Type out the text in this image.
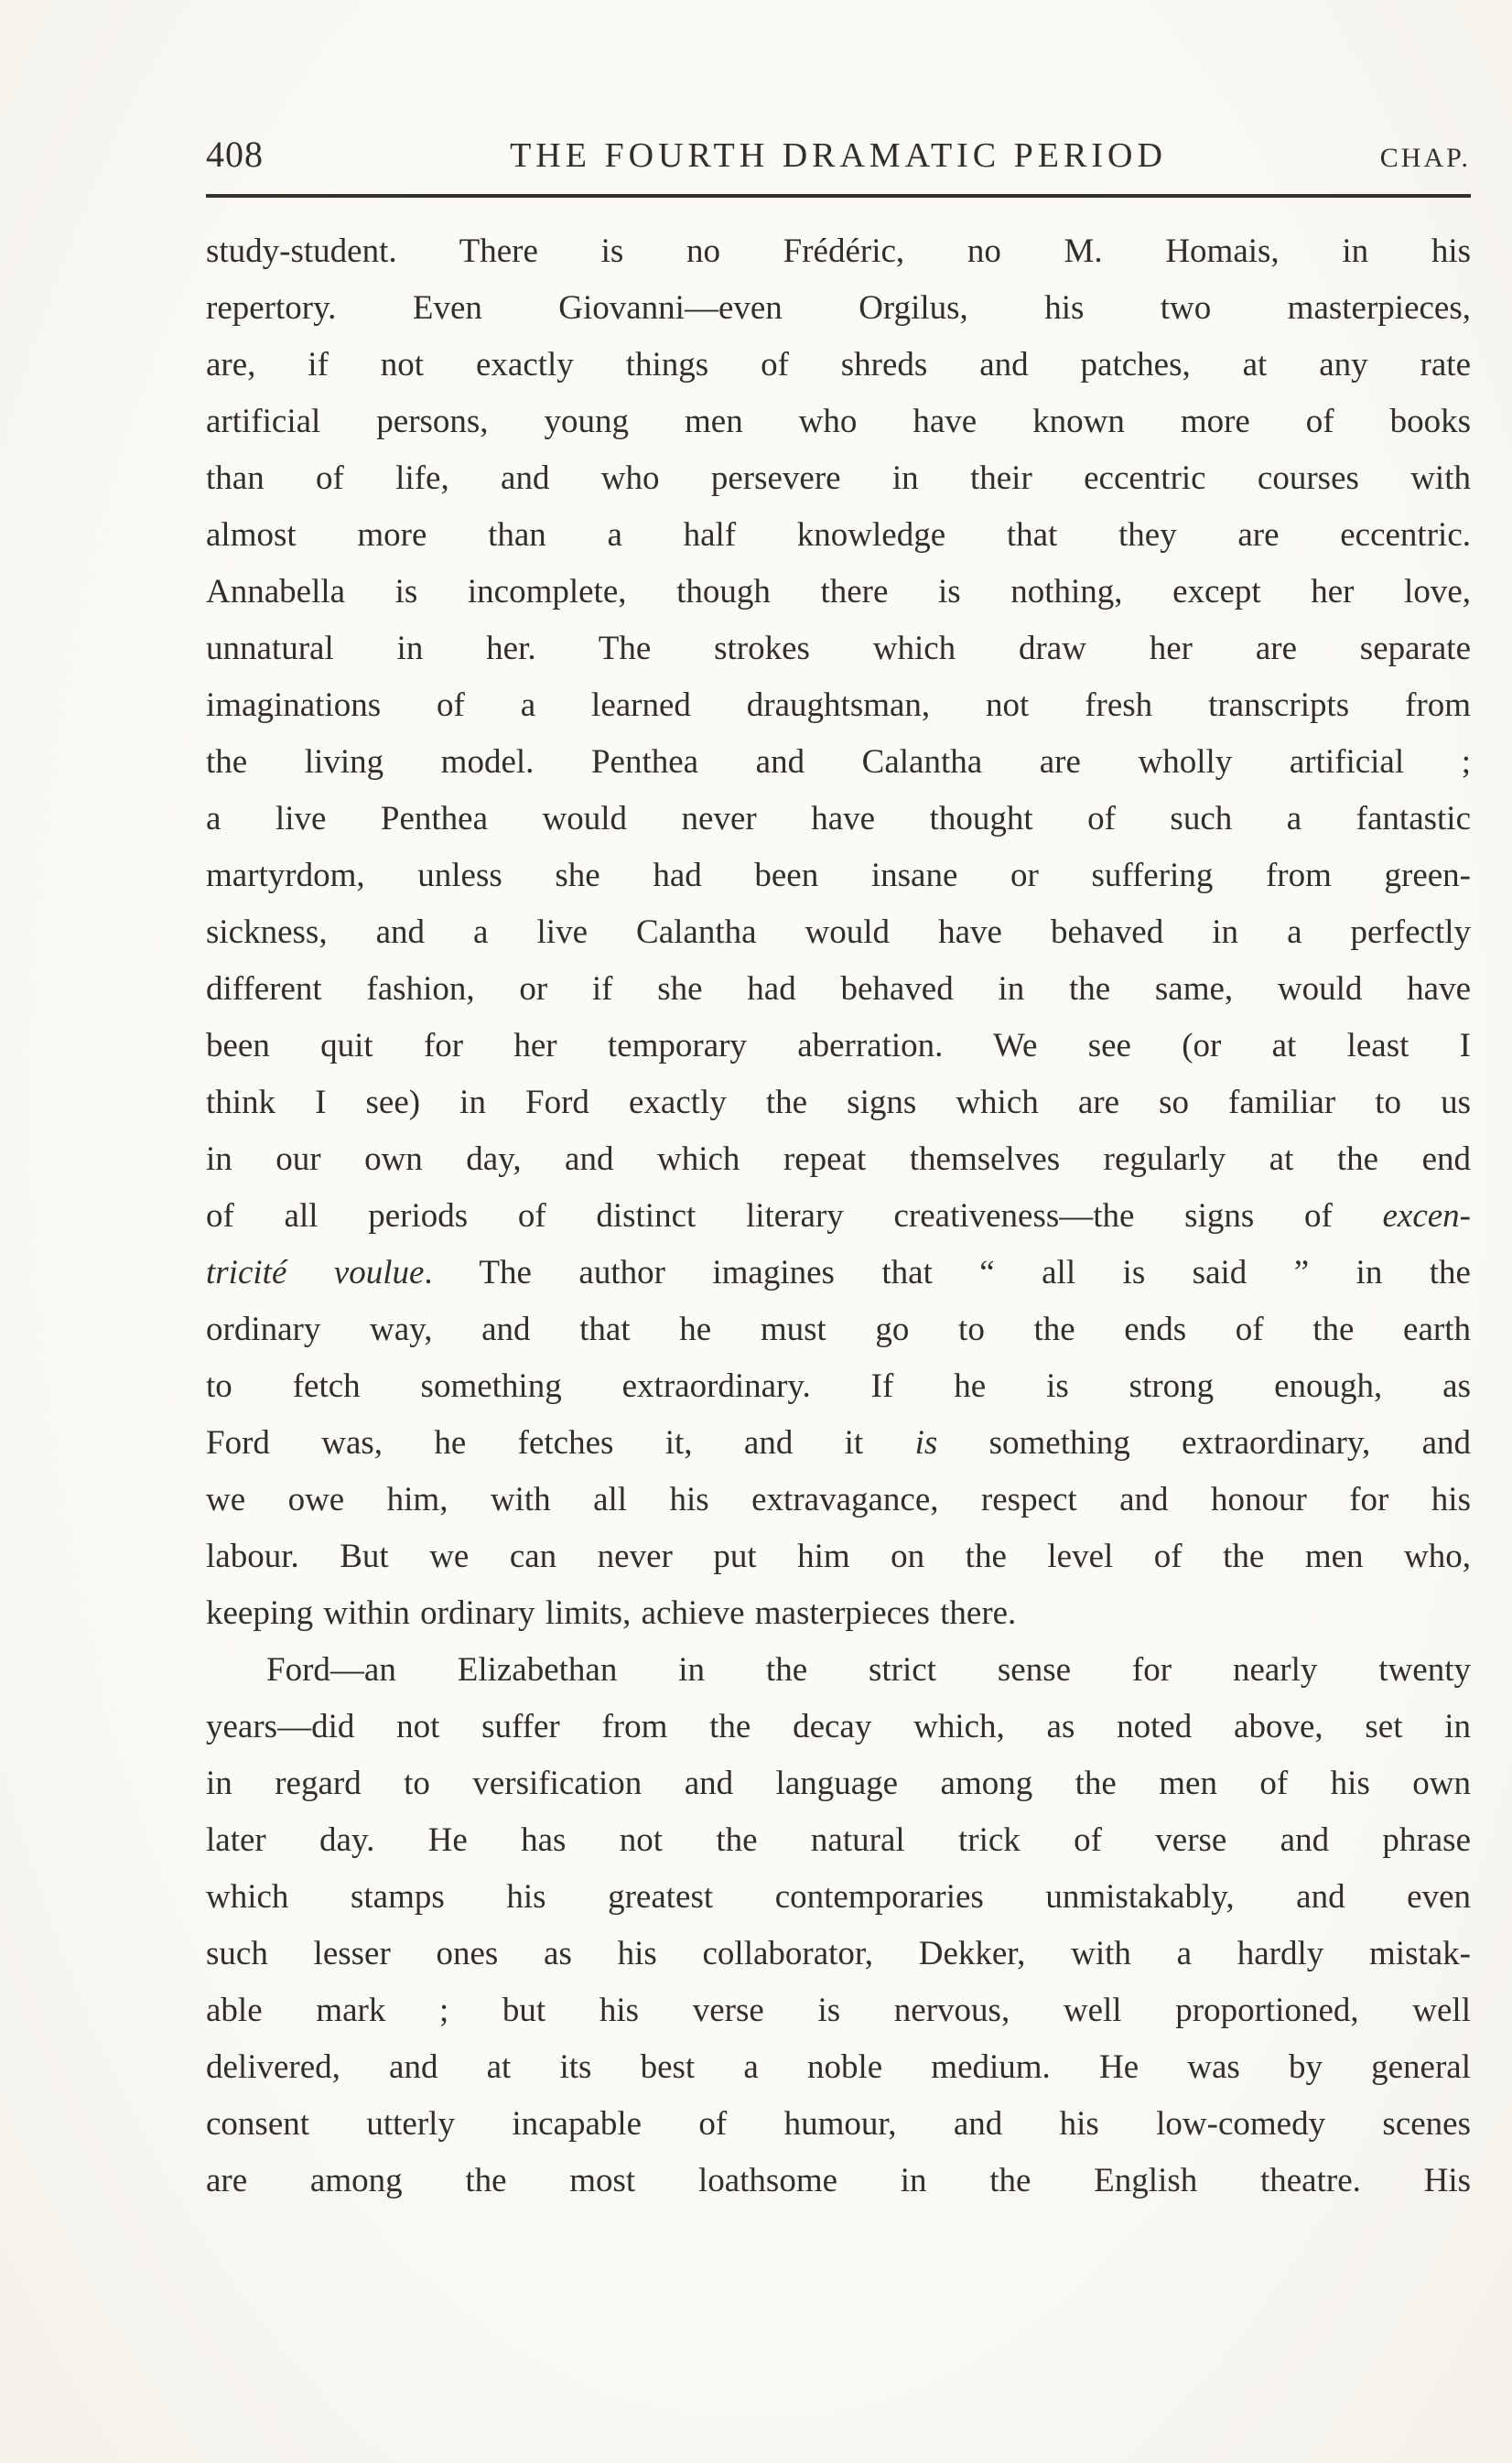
408	THE FOURTH DRAMATIC PERIOD	CHAP.
study-student. There is no Frédéric, no M. Homais, in his
repertory. Even Giovanni—even Orgilus, his two masterpieces,
are, if not exactly things of shreds and patches, at any rate
artificial persons, young men who have known more of books
than of life, and who persevere in their eccentric courses with
almost more than a half knowledge that they are eccentric.
Annabella is incomplete, though there is nothing, except her love,
unnatural in her. The strokes which draw her are separate
imaginations of a learned draughtsman, not fresh transcripts from
the living model. Penthea and Calantha are wholly artificial ;
a live Penthea would never have thought of such a fantastic
martyrdom, unless she had been insane or suffering from green-
sickness, and a live Calantha would have behaved in a perfectly
different fashion, or if she had behaved in the same, would have
been quit for her temporary aberration. We see (or at least I
think I see) in Ford exactly the signs which are so familiar to us
in our own day, and which repeat themselves regularly at the end
of all periods of distinct literary creativeness—the signs of excen-
tricité voulue. The author imagines that “ all is said ” in the
ordinary way, and that he must go to the ends of the earth
to fetch something extraordinary. If he is strong enough, as
Ford was, he fetches it, and it is something extraordinary, and
we owe him, with all his extravagance, respect and honour for his
labour. But we can never put him on the level of the men who,
keeping within ordinary limits, achieve masterpieces there.
Ford—an Elizabethan in the strict sense for nearly twenty
years—did not suffer from the decay which, as noted above, set in
in regard to versification and language among the men of his own
later day. He has not the natural trick of verse and phrase
which stamps his greatest contemporaries unmistakably, and even
such lesser ones as his collaborator, Dekker, with a hardly mistak-
able mark ; but his verse is nervous, well proportioned, well
delivered, and at its best a noble medium. He was by general
consent utterly incapable of humour, and his low-comedy scenes
are among the most loathsome in the English theatre. His
